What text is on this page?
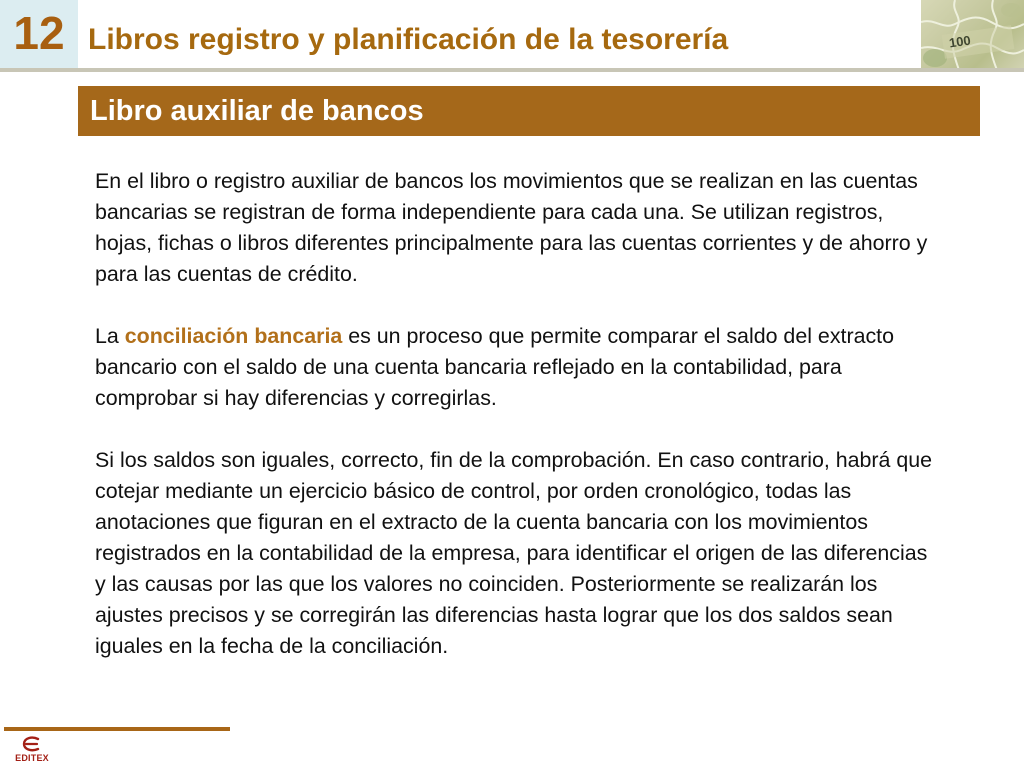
12 Libros registro y planificación de la tesorería	100
Libro auxiliar de bancos

En el libro o registro auxiliar de bancos los movimientos que se realizan en las cuentas bancarias se registran de forma independiente para cada una. Se utilizan registros, hojas, fichas o libros diferentes principalmente para las cuentas corrientes y de ahorro y para las cuentas de crédito.

La conciliación bancaria es un proceso que permite comparar el saldo del extracto bancario con el saldo de una cuenta bancaria reflejado en la contabilidad, para comprobar si hay diferencias y corregirlas.

Si los saldos son iguales, correcto, fin de la comprobación. En caso contrario, habrá que cotejar mediante un ejercicio básico de control, por orden cronológico, todas las anotaciones que figuran en el extracto de la cuenta bancaria con los movimientos registrados en la contabilidad de la empresa, para identificar el origen de las diferencias y las causas por las que los valores no coinciden. Posteriormente se realizarán los ajustes precisos y se corregirán las diferencias hasta lograr que los dos saldos sean iguales en la fecha de la conciliación.

EDITEX
